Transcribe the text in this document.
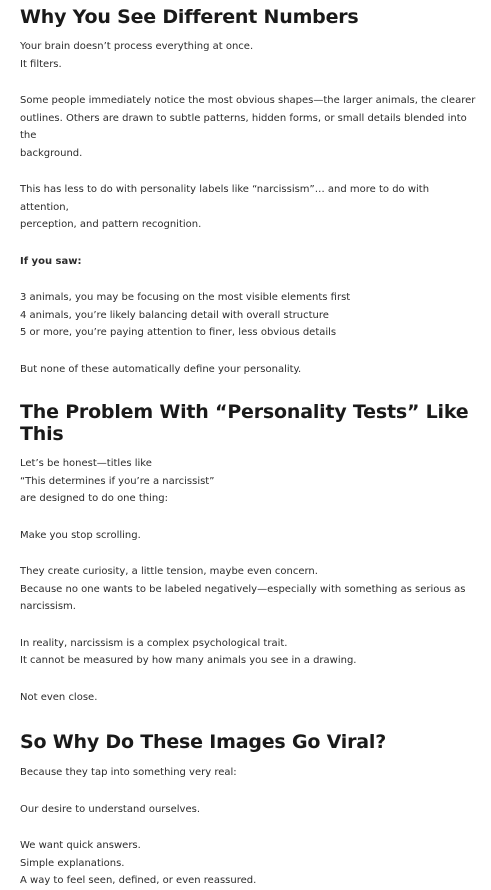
Why You See Different Numbers

Your brain doesn’t process everything at once.
It filters.

Some people immediately notice the most obvious shapes—the larger animals, the clearer
outlines. Others are drawn to subtle patterns, hidden forms, or small details blended into the
background.

This has less to do with personality labels like “narcissism”… and more to do with attention,
perception, and pattern recognition.

If you saw:

3 animals, you may be focusing on the most visible elements first
4 animals, you’re likely balancing detail with overall structure
5 or more, you’re paying attention to finer, less obvious details

But none of these automatically define your personality.

The Problem With “Personality Tests” Like This

Let’s be honest—titles like
“This determines if you’re a narcissist”
are designed to do one thing:

Make you stop scrolling.

They create curiosity, a little tension, maybe even concern.
Because no one wants to be labeled negatively—especially with something as serious as
narcissism.

In reality, narcissism is a complex psychological trait.
It cannot be measured by how many animals you see in a drawing.

Not even close.

So Why Do These Images Go Viral?

Because they tap into something very real:

Our desire to understand ourselves.

We want quick answers.
Simple explanations.
A way to feel seen, defined, or even reassured.
